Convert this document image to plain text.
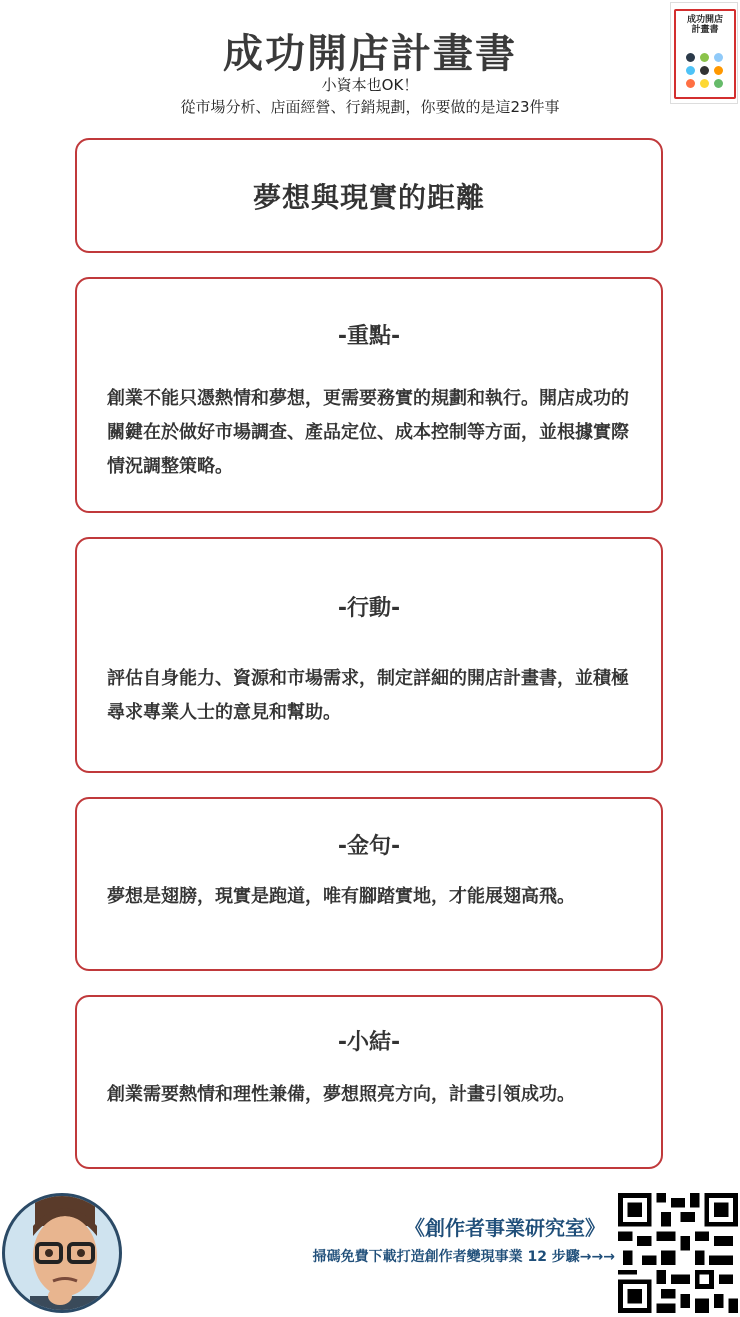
成功開店計畫書
小資本也OK！
從市場分析、店面經營、行銷規劃，你要做的是這23件事
成功開店
計畫書
夢想與現實的距離
-重點-

創業不能只憑熱情和夢想，更需要務實的規劃和執行。開店成功的關鍵在於做好市場調查、產品定位、成本控制等方面，並根據實際情況調整策略。

-行動-

評估自身能力、資源和市場需求，制定詳細的開店計畫書，並積極尋求專業人士的意見和幫助。

-金句-

夢想是翅膀，現實是跑道，唯有腳踏實地，才能展翅高飛。

-小結-

創業需要熱情和理性兼備，夢想照亮方向，計畫引領成功。

《創作者事業研究室》
掃碼免費下載打造創作者變現事業 12 步驟→→→
